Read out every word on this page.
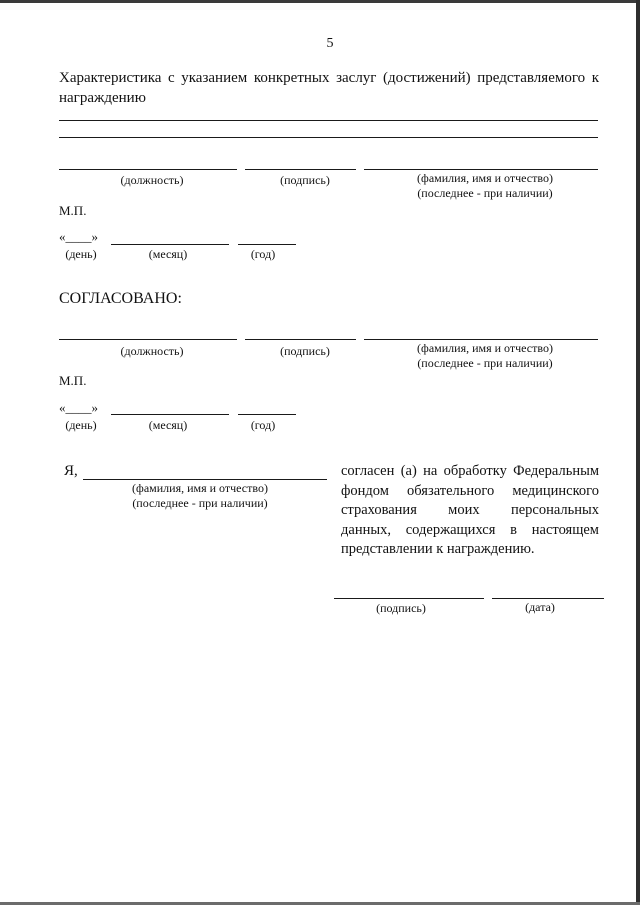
5
Характеристика с указанием конкретных заслуг (достижений) представляемого к
награждению
(должность)	(подпись)	(фамилия, имя и отчество)
(последнее - при наличии)
М.П.
«____»
(день)	(месяц)	(год)
СОГЛАСОВАНО:
(должность)	(подпись)	(фамилия, имя и отчество)
(последнее - при наличии)
М.П.
«____»
(день)	(месяц)	(год)
Я,
(фамилия, имя и отчество)
(последнее - при наличии)
согласен (а) на обработку Федеральным
фондом обязательного медицинского
страхования моих персональных
данных, содержащихся в настоящем
представлении к награждению.
(подпись)	(дата)
